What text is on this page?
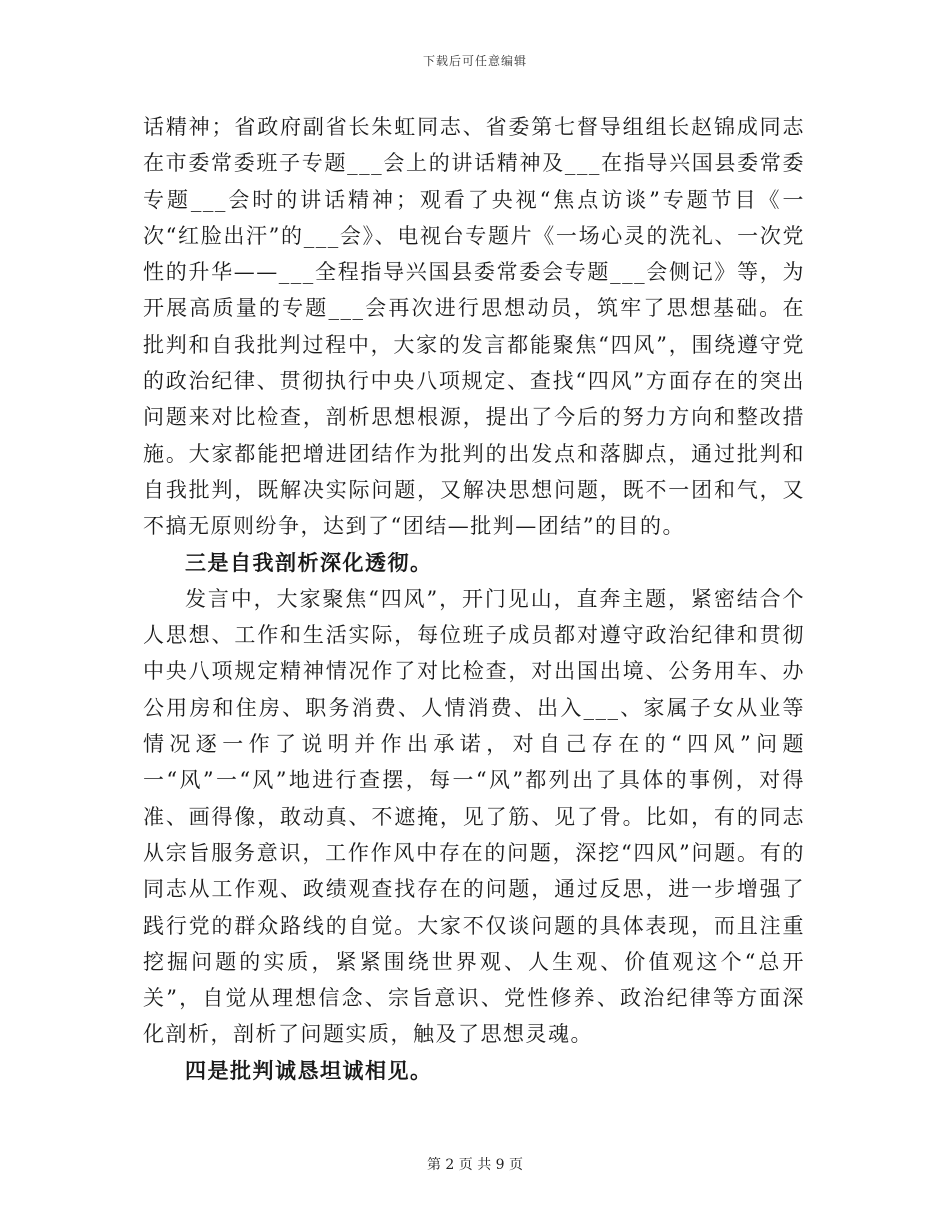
下载后可任意编辑

话精神；省政府副省长朱虹同志、省委第七督导组组长赵锦成同志在市委常委班子专题___会上的讲话精神及___在指导兴国县委常委专题___会时的讲话精神；观看了央视“焦点访谈”专题节目《一次“红脸出汗”的___会》、电视台专题片《一场心灵的洗礼、一次党性的升华——___全程指导兴国县委常委会专题___会侧记》等，为开展高质量的专题___会再次进行思想动员，筑牢了思想基础。在批判和自我批判过程中，大家的发言都能聚焦“四风”，围绕遵守党的政治纪律、贯彻执行中央八项规定、查找“四风”方面存在的突出问题来对比检查，剖析思想根源，提出了今后的努力方向和整改措施。大家都能把增进团结作为批判的出发点和落脚点，通过批判和自我批判，既解决实际问题，又解决思想问题，既不一团和气，又不搞无原则纷争，达到了“团结—批判—团结”的目的。

三是自我剖析深化透彻。

发言中，大家聚焦“四风”，开门见山，直奔主题，紧密结合个人思想、工作和生活实际，每位班子成员都对遵守政治纪律和贯彻中央八项规定精神情况作了对比检查，对出国出境、公务用车、办公用房和住房、职务消费、人情消费、出入___、家属子女从业等情况逐一作了说明并作出承诺，对自己存在的“四风”问题一“风”一“风”地进行查摆，每一“风”都列出了具体的事例，对得准、画得像，敢动真、不遮掩，见了筋、见了骨。比如，有的同志从宗旨服务意识，工作作风中存在的问题，深挖“四风”问题。有的同志从工作观、政绩观查找存在的问题，通过反思，进一步增强了践行党的群众路线的自觉。大家不仅谈问题的具体表现，而且注重挖掘问题的实质，紧紧围绕世界观、人生观、价值观这个“总开关”，自觉从理想信念、宗旨意识、党性修养、政治纪律等方面深化剖析，剖析了问题实质，触及了思想灵魂。

四是批判诚恳坦诚相见。

第 2 页 共 9 页
